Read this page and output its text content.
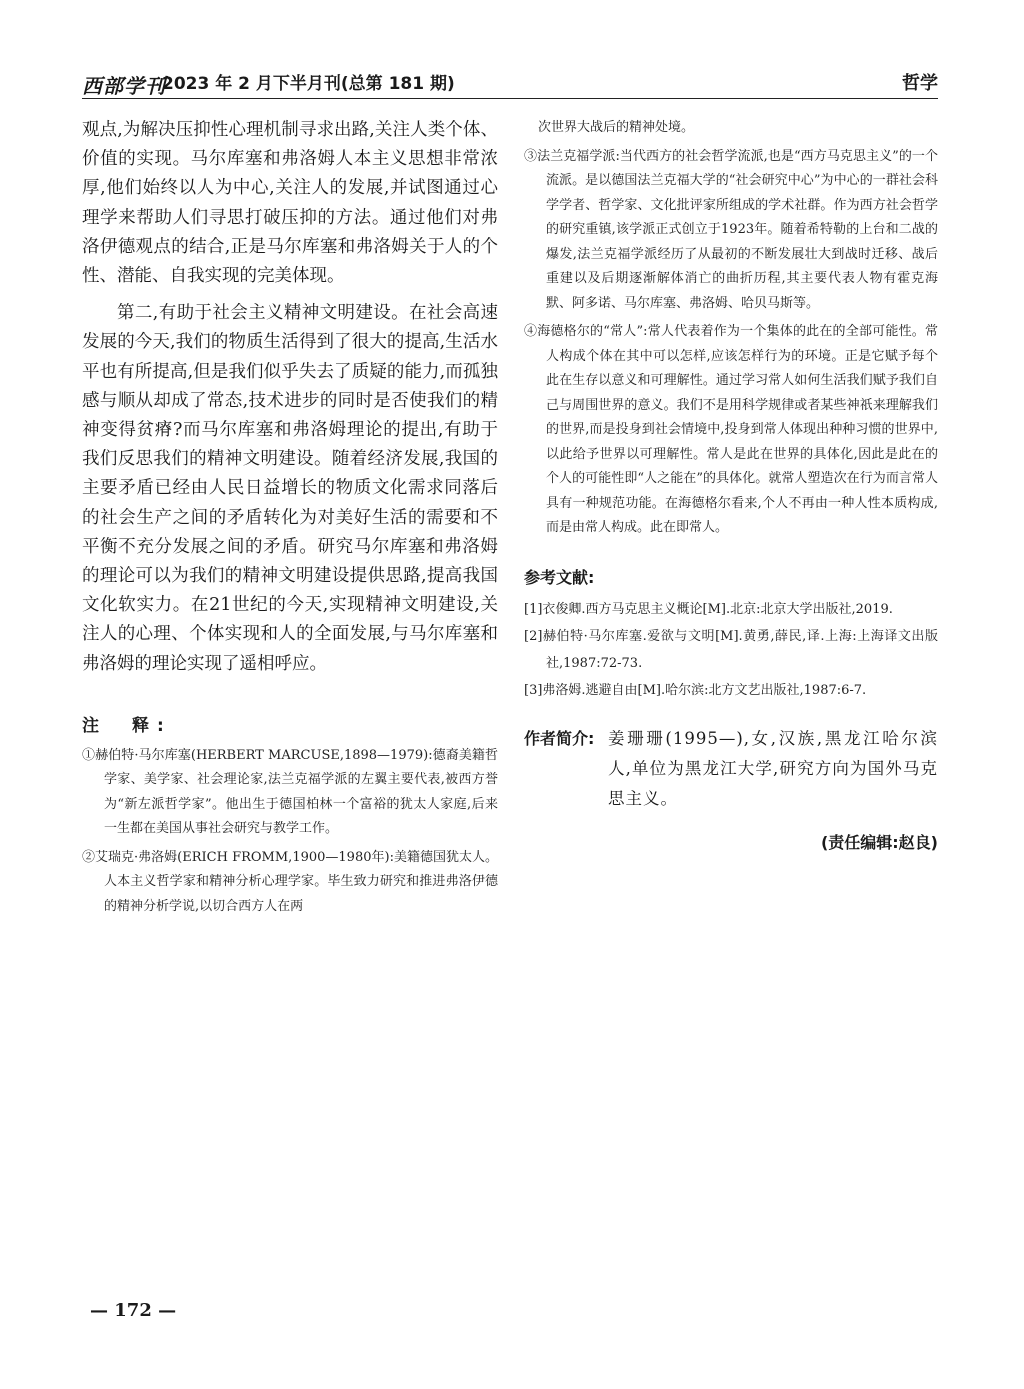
西部学刊
2023 年 2 月下半月刊(总第 181 期)	哲学

观点,为解决压抑性心理机制寻求出路,关注人类个体、价值的实现。马尔库塞和弗洛姆人本主义思想非常浓厚,他们始终以人为中心,关注人的发展,并试图通过心理学来帮助人们寻思打破压抑的方法。通过他们对弗洛伊德观点的结合,正是马尔库塞和弗洛姆关于人的个性、潜能、自我实现的完美体现。

第二,有助于社会主义精神文明建设。在社会高速发展的今天,我们的物质生活得到了很大的提高,生活水平也有所提高,但是我们似乎失去了质疑的能力,而孤独感与顺从却成了常态,技术进步的同时是否使我们的精神变得贫瘠?而马尔库塞和弗洛姆理论的提出,有助于我们反思我们的精神文明建设。随着经济发展,我国的主要矛盾已经由人民日益增长的物质文化需求同落后的社会生产之间的矛盾转化为对美好生活的需要和不平衡不充分发展之间的矛盾。研究马尔库塞和弗洛姆的理论可以为我们的精神文明建设提供思路,提高我国文化软实力。在21世纪的今天,实现精神文明建设,关注人的心理、个体实现和人的全面发展,与马尔库塞和弗洛姆的理论实现了遥相呼应。

注　释:

①赫伯特·马尔库塞(HERBERT MARCUSE,1898—1979):德裔美籍哲学家、美学家、社会理论家,法兰克福学派的左翼主要代表,被西方誉为“新左派哲学家”。他出生于德国柏林一个富裕的犹太人家庭,后来一生都在美国从事社会研究与教学工作。

②艾瑞克·弗洛姆(ERICH FROMM,1900—1980年):美籍德国犹太人。人本主义哲学家和精神分析心理学家。毕生致力研究和推进弗洛伊德的精神分析学说,以切合西方人在两

次世界大战后的精神处境。

③法兰克福学派:当代西方的社会哲学流派,也是“西方马克思主义”的一个流派。是以德国法兰克福大学的“社会研究中心”为中心的一群社会科学学者、哲学家、文化批评家所组成的学术社群。作为西方社会哲学的研究重镇,该学派正式创立于1923年。随着希特勒的上台和二战的爆发,法兰克福学派经历了从最初的不断发展壮大到战时迁移、战后重建以及后期逐渐解体消亡的曲折历程,其主要代表人物有霍克海默、阿多诺、马尔库塞、弗洛姆、哈贝马斯等。

④海德格尔的“常人”:常人代表着作为一个集体的此在的全部可能性。常人构成个体在其中可以怎样,应该怎样行为的环境。正是它赋予每个此在生存以意义和可理解性。通过学习常人如何生活我们赋予我们自己与周围世界的意义。我们不是用科学规律或者某些神祇来理解我们的世界,而是投身到社会情境中,投身到常人体现出种种习惯的世界中,以此给予世界以可理解性。常人是此在世界的具体化,因此是此在的个人的可能性即“人之能在”的具体化。就常人塑造次在行为而言常人具有一种规范功能。在海德格尔看来,个人不再由一种人性本质构成,而是由常人构成。此在即常人。

参考文献:

[1]衣俊卿.西方马克思主义概论[M].北京:北京大学出版社,2019.

[2]赫伯特·马尔库塞.爱欲与文明[M].黄勇,薛民,译.上海:上海译文出版社,1987:72-73.

[3]弗洛姆.逃避自由[M].哈尔滨:北方文艺出版社,1987:6-7.

作者简介: 姜珊珊(1995—),女,汉族,黑龙江哈尔滨人,单位为黑龙江大学,研究方向为国外马克思主义。

(责任编辑:赵良)
— 172 —
